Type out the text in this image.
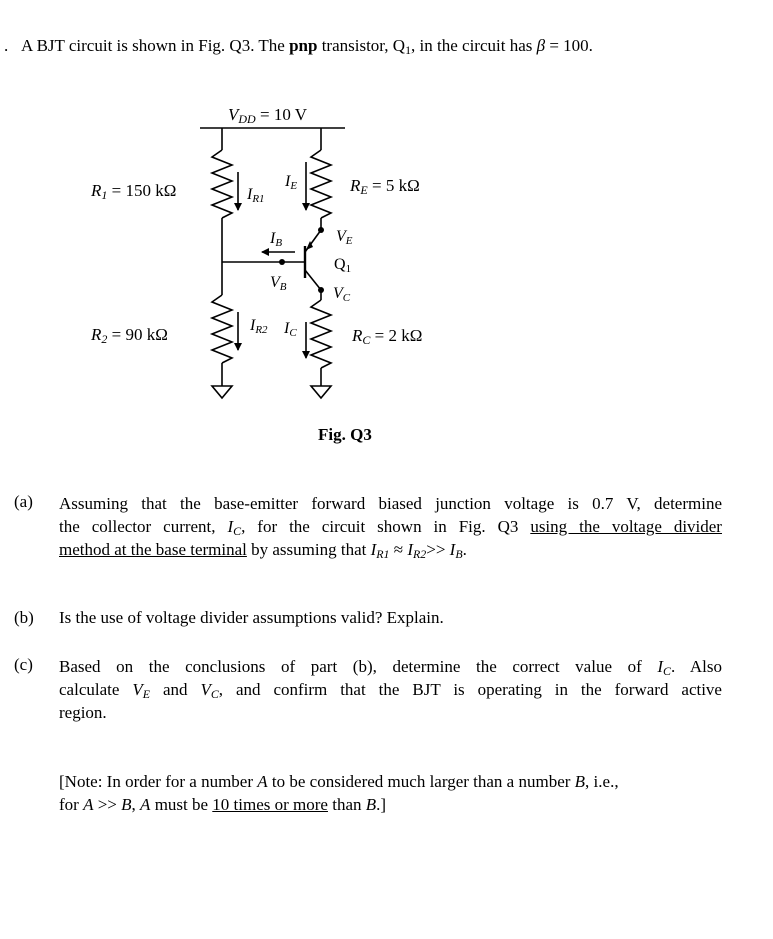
. A BJT circuit is shown in Fig. Q3. The pnp transistor, $Q_1$, in the circuit has β = 100.
VDD = 10 V
R1 = 150 kΩ
R2 = 90 kΩ
RE = 5 kΩ
RC = 2 kΩ
IR1
IE
IB
VB
VE
Q1
VC
IR2 IC
Fig. Q3
(a) Assuming that the base-emitter forward biased junction voltage is 0.7 V, determine
the collector current, $I_C$, for the circuit shown in Fig. Q3 using the voltage divider
method at the base terminal by assuming that $I_{R1} \approx I_{R2}>> I_B$.
(b) Is the use of voltage divider assumptions valid? Explain.
(c) Based on the conclusions of part (b), determine the correct value of $I_C$. Also
calculate $V_E$ and $V_C$, and confirm that the BJT is operating in the forward active
region.
[Note: In order for a number A to be considered much larger than a number B, i.e.,
for A >> B, A must be 10 times or more than B.]
